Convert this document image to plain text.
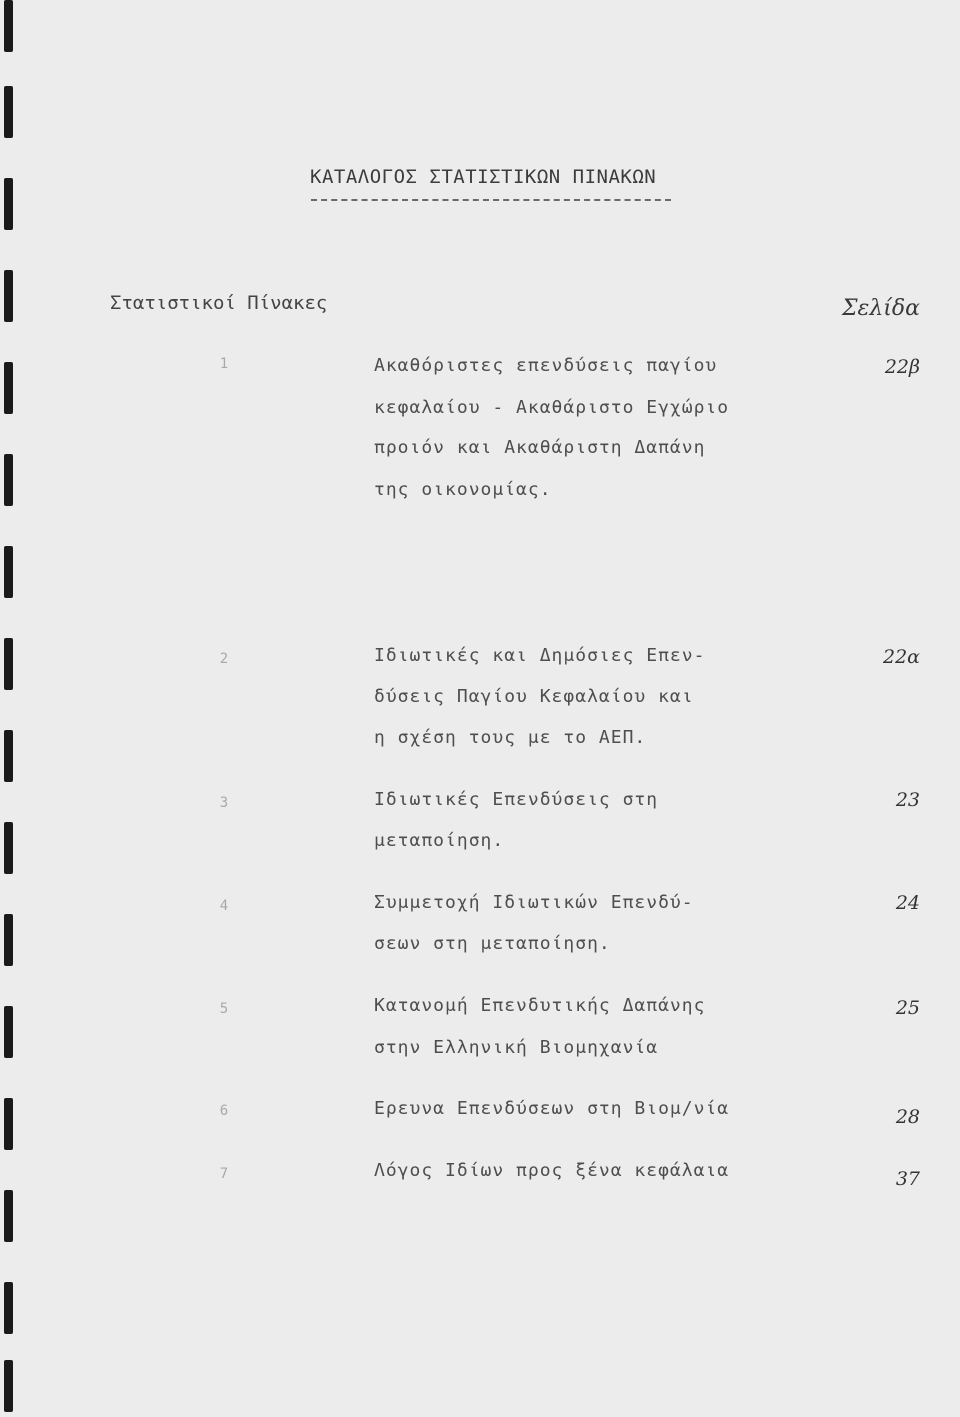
ΚΑΤΑΛΟΓΟΣ ΣΤΑΤΙΣΤΙΚΩΝ ΠΙΝΑΚΩΝ
Στατιστικοί Πίνακες	Σελίδα
1	Ακαθόριστες επενδύσεις παγίου
κεφαλαίου - Ακαθάριστο Εγχώριο
προιόν και Ακαθάριστη Δαπάνη
της οικονομίας.
22β
2	Ιδιωτικές και Δημόσιες Επεν-
δύσεις Παγίου Κεφαλαίου και
η σχέση τους με το ΑΕΠ.
22α
3	Ιδιωτικές Επενδύσεις στη
μεταποίηση.
23
4	Συμμετοχή Ιδιωτικών Επενδύ-
σεων στη μεταποίηση.
24
5	Κατανομή Επενδυτικής Δαπάνης
στην Ελληνική Βιομηχανία
25
6	Ερευνα Επενδύσεων στη Βιομ/νία	28
7	Λόγος Ιδίων προς ξένα κεφάλαια	37
